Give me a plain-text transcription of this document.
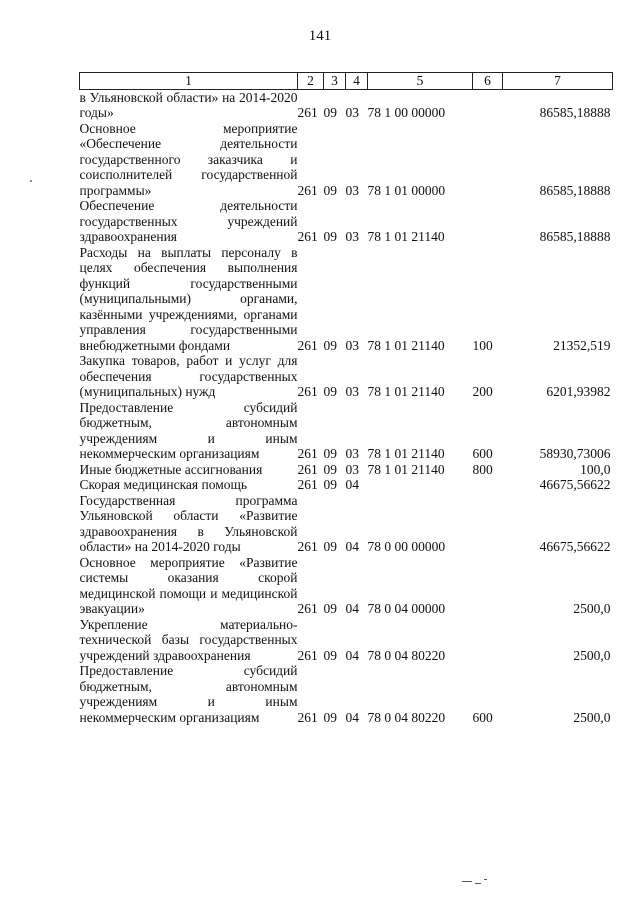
141
1	2	3	4	5	6	7
в Ульяновской области» на 2014-2020 годы»	261	09	03	78 1 00 00000		86585,18888
Основное мероприятие «Обеспечение деятельности государственного заказчика и соисполнителей государственной программы»	261	09	03	78 1 01 00000		86585,18888
Обеспечение деятельности государственных учреждений здравоохранения	261	09	03	78 1 01 21140		86585,18888
Расходы на выплаты персоналу в целях обеспечения выполнения функций государственными (муниципальными) органами, казёнными учреждениями, органами управления государственными внебюджетными фондами	261	09	03	78 1 01 21140	100	21352,519
Закупка товаров, работ и услуг для обеспечения государственных (муниципальных) нужд	261	09	03	78 1 01 21140	200	6201,93982
Предоставление субсидий бюджетным, автономным учреждениям и иным некоммерческим организациям	261	09	03	78 1 01 21140	600	58930,73006
Иные бюджетные ассигнования	261	09	03	78 1 01 21140	800	100,0
Скорая медицинская помощь	261	09	04			46675,56622
Государственная программа Ульяновской области «Развитие здравоохранения в Ульяновской области» на 2014-2020 годы	261	09	04	78 0 00 00000		46675,56622
Основное мероприятие «Развитие системы оказания скорой медицинской помощи и медицинской эвакуации»	261	09	04	78 0 04 00000		2500,0
Укрепление материально-технической базы государственных учреждений здравоохранения	261	09	04	78 0 04 80220		2500,0
Предоставление субсидий бюджетным, автономным учреждениям и иным некоммерческим организациям	261	09	04	78 0 04 80220	600	2500,0
